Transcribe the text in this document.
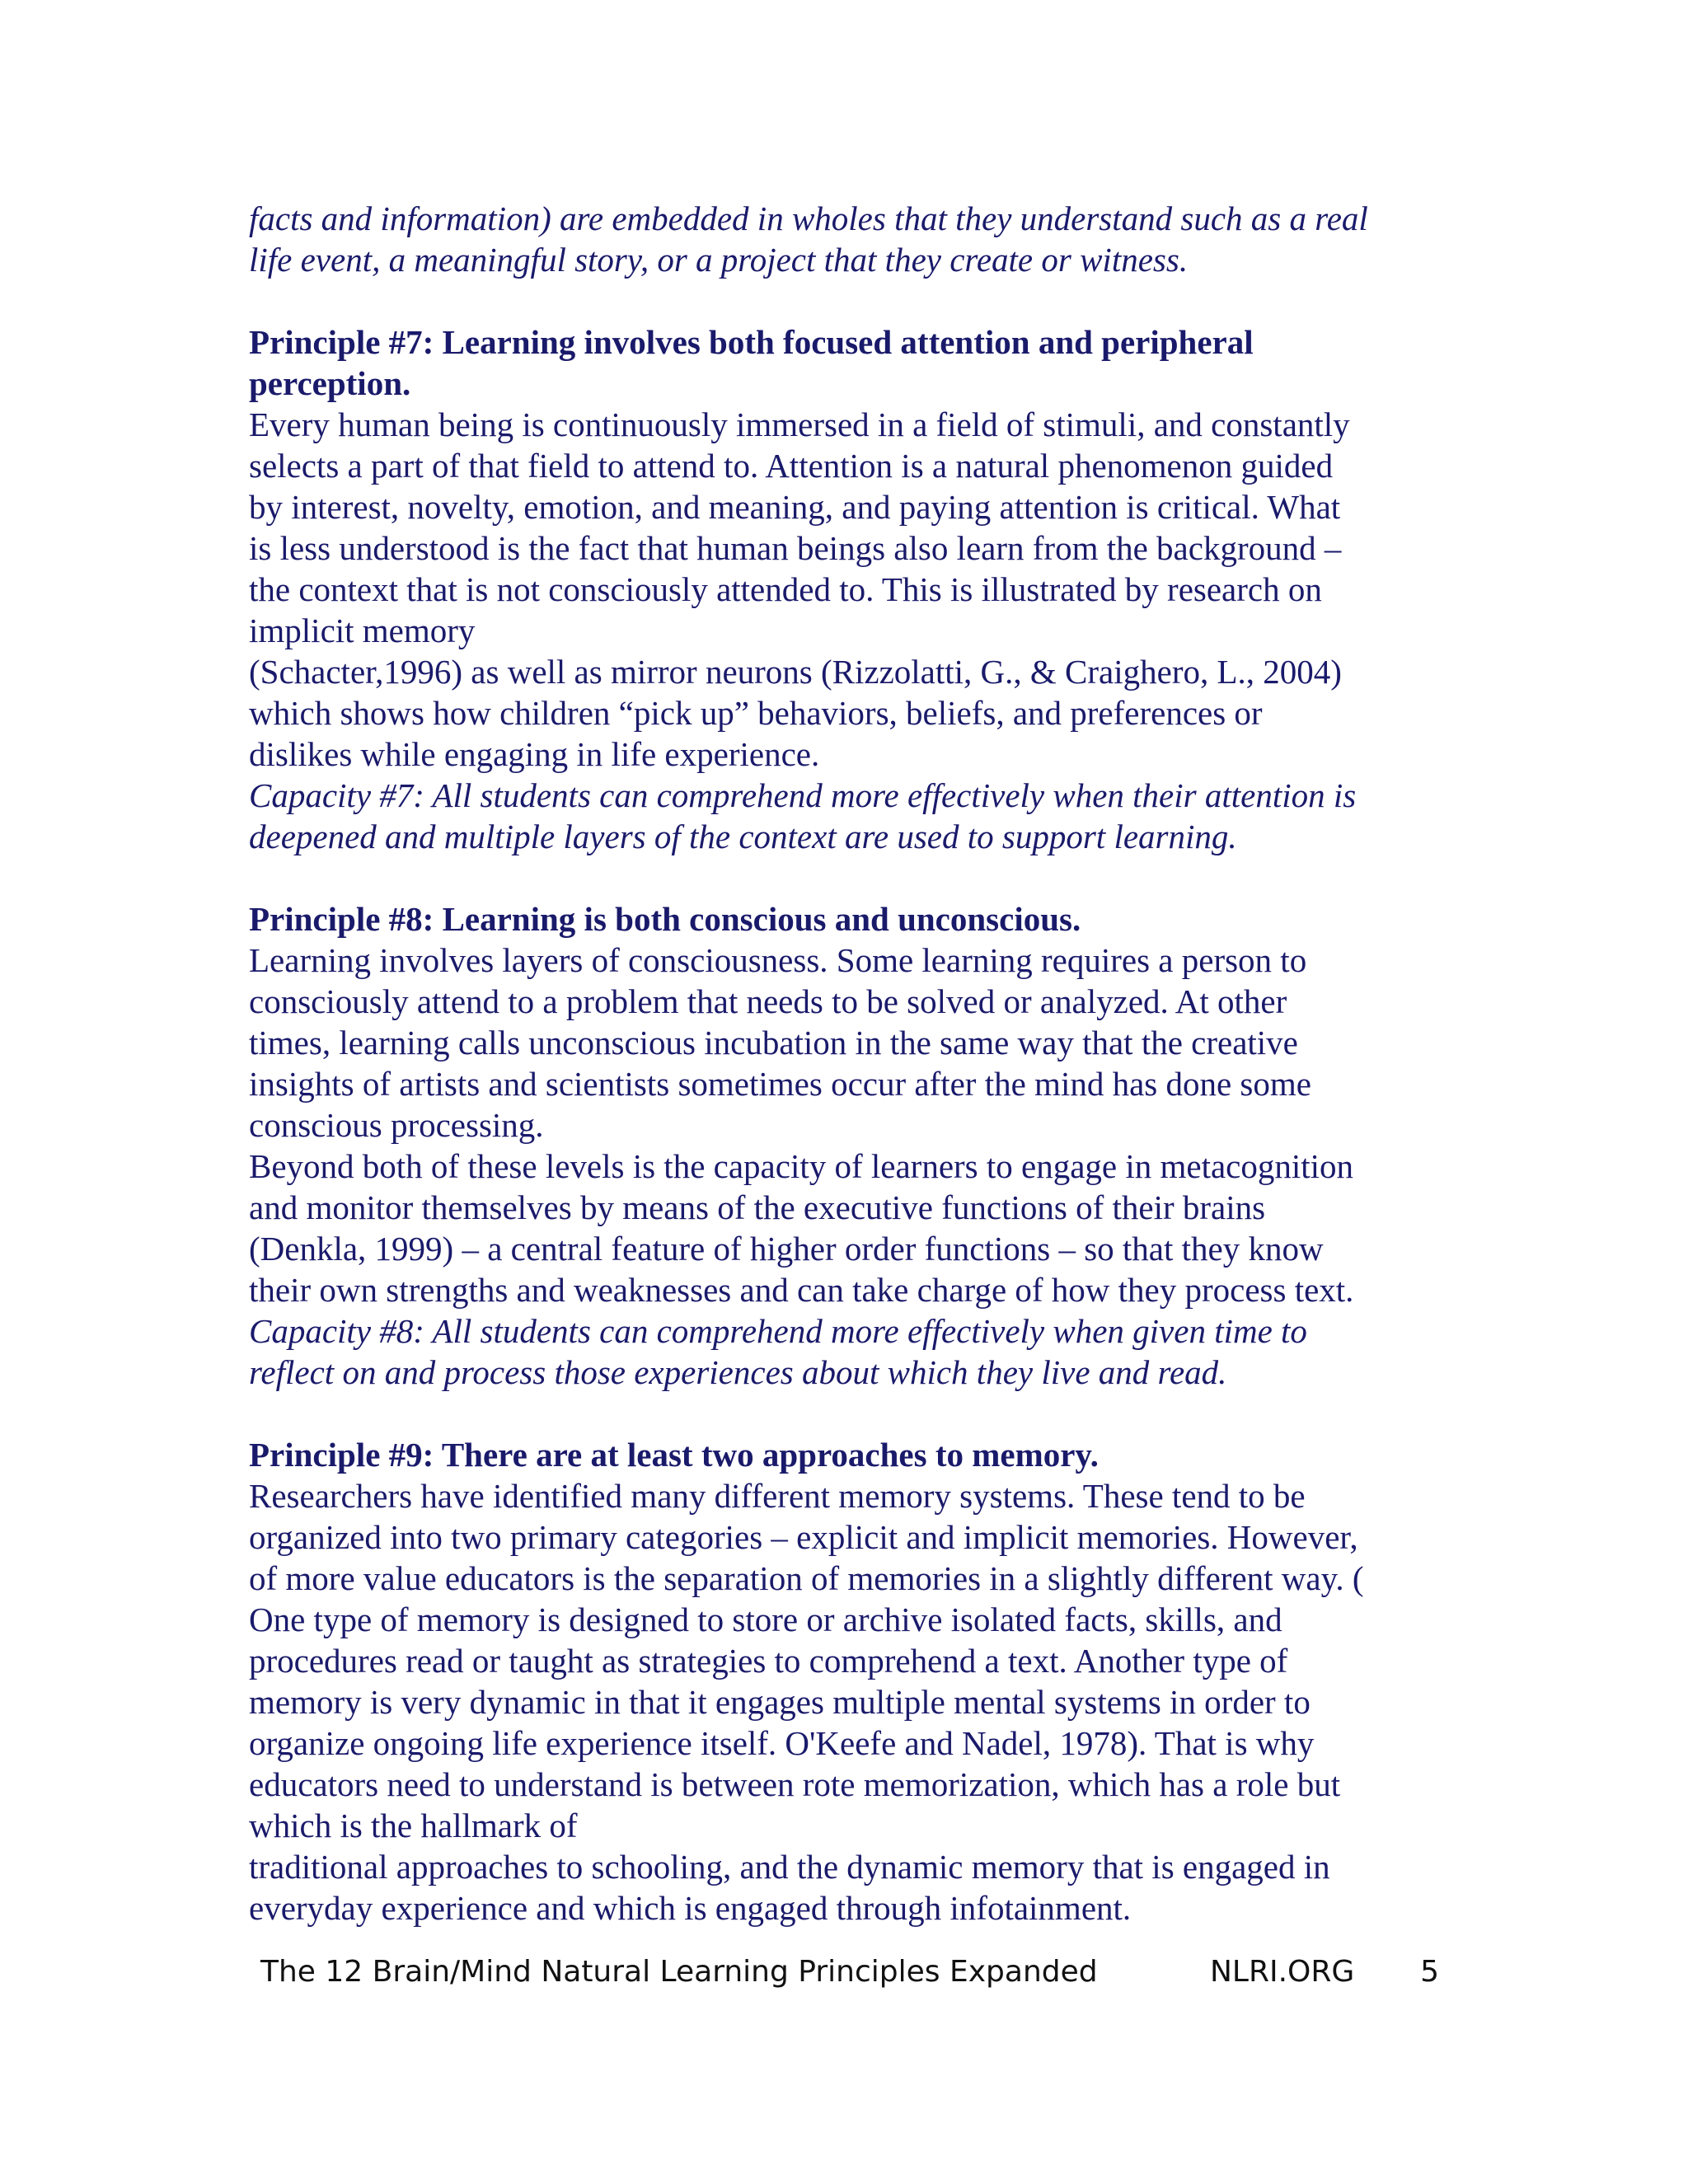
facts and information) are embedded in wholes that they understand such as a real
life event, a meaningful story, or a project that they create or witness.
Principle #7: Learning involves both focused attention and peripheral
perception.
Every human being is continuously immersed in a field of stimuli, and constantly
selects a part of that field to attend to. Attention is a natural phenomenon guided
by interest, novelty, emotion, and meaning, and paying attention is critical. What
is less understood is the fact that human beings also learn from the background –
the context that is not consciously attended to. This is illustrated by research on
implicit memory
(Schacter,1996) as well as mirror neurons (Rizzolatti, G., & Craighero, L., 2004)
which shows how children “pick up” behaviors, beliefs, and preferences or
dislikes while engaging in life experience.
Capacity #7: All students can comprehend more effectively when their attention is
deepened and multiple layers of the context are used to support learning.
Principle #8: Learning is both conscious and unconscious.
Learning involves layers of consciousness. Some learning requires a person to
consciously attend to a problem that needs to be solved or analyzed. At other
times, learning calls unconscious incubation in the same way that the creative
insights of artists and scientists sometimes occur after the mind has done some
conscious processing.
Beyond both of these levels is the capacity of learners to engage in metacognition
and monitor themselves by means of the executive functions of their brains
(Denkla, 1999) – a central feature of higher order functions – so that they know
their own strengths and weaknesses and can take charge of how they process text.
Capacity #8: All students can comprehend more effectively when given time to
reflect on and process those experiences about which they live and read.
Principle #9: There are at least two approaches to memory.
Researchers have identified many different memory systems. These tend to be
organized into two primary categories – explicit and implicit memories. However,
of more value educators is the separation of memories in a slightly different way. (
One type of memory is designed to store or archive isolated facts, skills, and
procedures read or taught as strategies to comprehend a text. Another type of
memory is very dynamic in that it engages multiple mental systems in order to
organize ongoing life experience itself. O'Keefe and Nadel, 1978). That is why
educators need to understand is between rote memorization, which has a role but
which is the hallmark of
traditional approaches to schooling, and the dynamic memory that is engaged in
everyday experience and which is engaged through infotainment.
The 12 Brain/Mind Natural Learning Principles Expanded	NLRI.ORG 5
